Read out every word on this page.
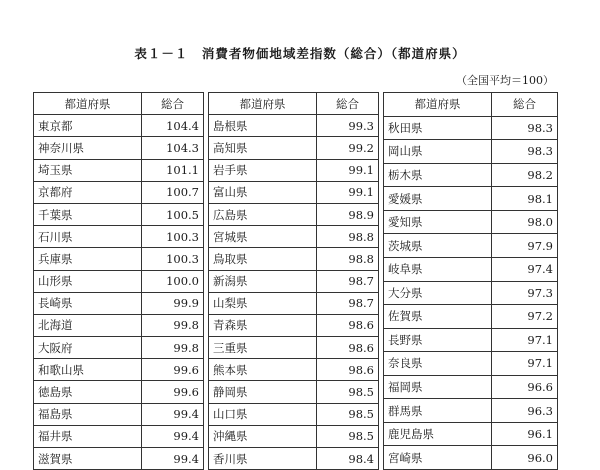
表１－１　消費者物価地域差指数（総合）（都道府県）
（全国平均＝100）
都道府県	総合
東京都	104.4
神奈川県	104.3
埼玉県	101.1
京都府	100.7
千葉県	100.5
石川県	100.3
兵庫県	100.3
山形県	100.0
長崎県	99.9
北海道	99.8
大阪府	99.8
和歌山県	99.6
徳島県	99.6
福島県	99.4
福井県	99.4
滋賀県	99.4
都道府県	総合
島根県	99.3
高知県	99.2
岩手県	99.1
富山県	99.1
広島県	98.9
宮城県	98.8
鳥取県	98.8
新潟県	98.7
山梨県	98.7
青森県	98.6
三重県	98.6
熊本県	98.6
静岡県	98.5
山口県	98.5
沖縄県	98.5
香川県	98.4
都道府県	総合
秋田県	98.3
岡山県	98.3
栃木県	98.2
愛媛県	98.1
愛知県	98.0
茨城県	97.9
岐阜県	97.4
大分県	97.3
佐賀県	97.2
長野県	97.1
奈良県	97.1
福岡県	96.6
群馬県	96.3
鹿児島県	96.1
宮崎県	96.0
